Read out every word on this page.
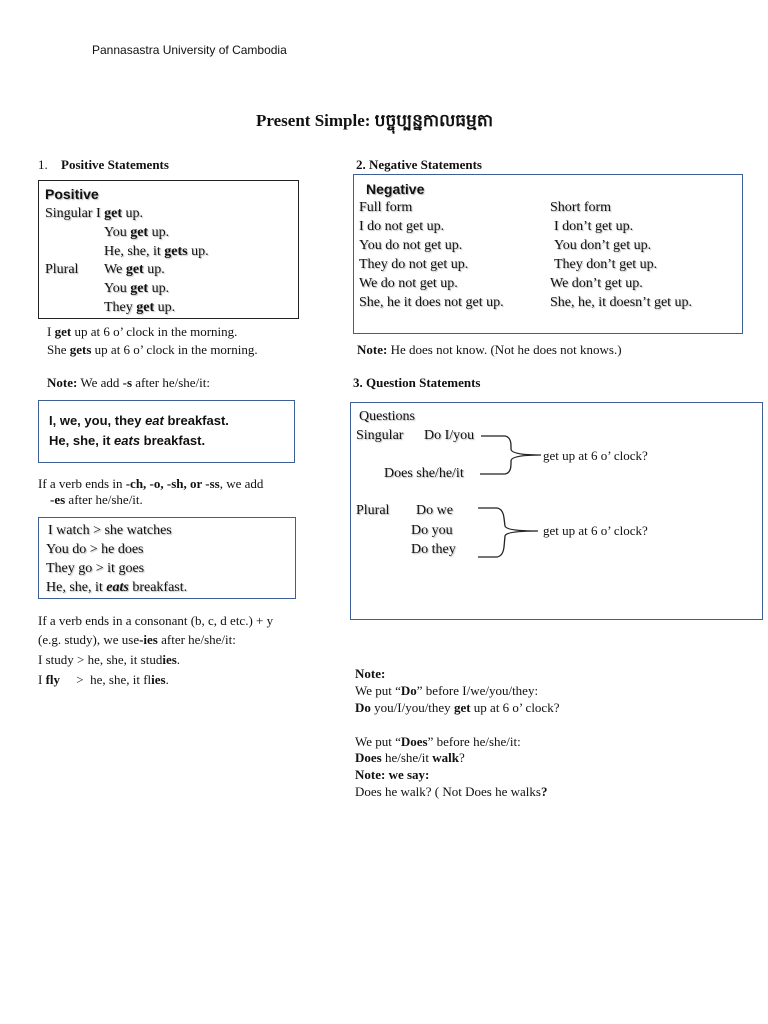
Pannasastra University of Cambodia
Present Simple: បច្ចុប្បន្នកាលធម្មតា
1. Positive Statements
Positive
Singular I get up.
You get up.
He, she, it gets up.
Plural We get up.
You get up.
They get up.
I get up at 6 o’ clock in the morning.
She gets up at 6 o’ clock in the morning.
Note: We add -s after he/she/it:
I, we, you, they eat breakfast.
He, she, it eats breakfast.
If a verb ends in -ch, -o, -sh, or -ss, we add
-es after he/she/it.
I watch > she watches
You do > he does
They go > it goes
He, she, it eats breakfast.
If a verb ends in a consonant (b, c, d etc.) + y
(e.g. study), we use-ies after he/she/it:
I study > he, she, it studies.
I fly     >  he, she, it flies.
2. Negative Statements
Negative
Full form	Short form
I do not get up.	I don’t get up.
You do not get up.	You don’t get up.
They do not get up.	They don’t get up.
We do not get up.	We don’t get up.
She, he it does not get up.	She, he, it doesn’t get up.
Note: He does not know. (Not he does not knows.)
3. Question Statements
Questions
Singular Do I/you
Does she/he/it
get up at 6 o’ clock?
Plural Do we
Do you
Do they
get up at 6 o’ clock?
Note:
We put “Do” before I/we/you/they:
Do you/I/you/they get up at 6 o’ clock?
We put “Does” before he/she/it:
Does he/she/it walk?
Note: we say:
Does he walk? ( Not Does he walks?
